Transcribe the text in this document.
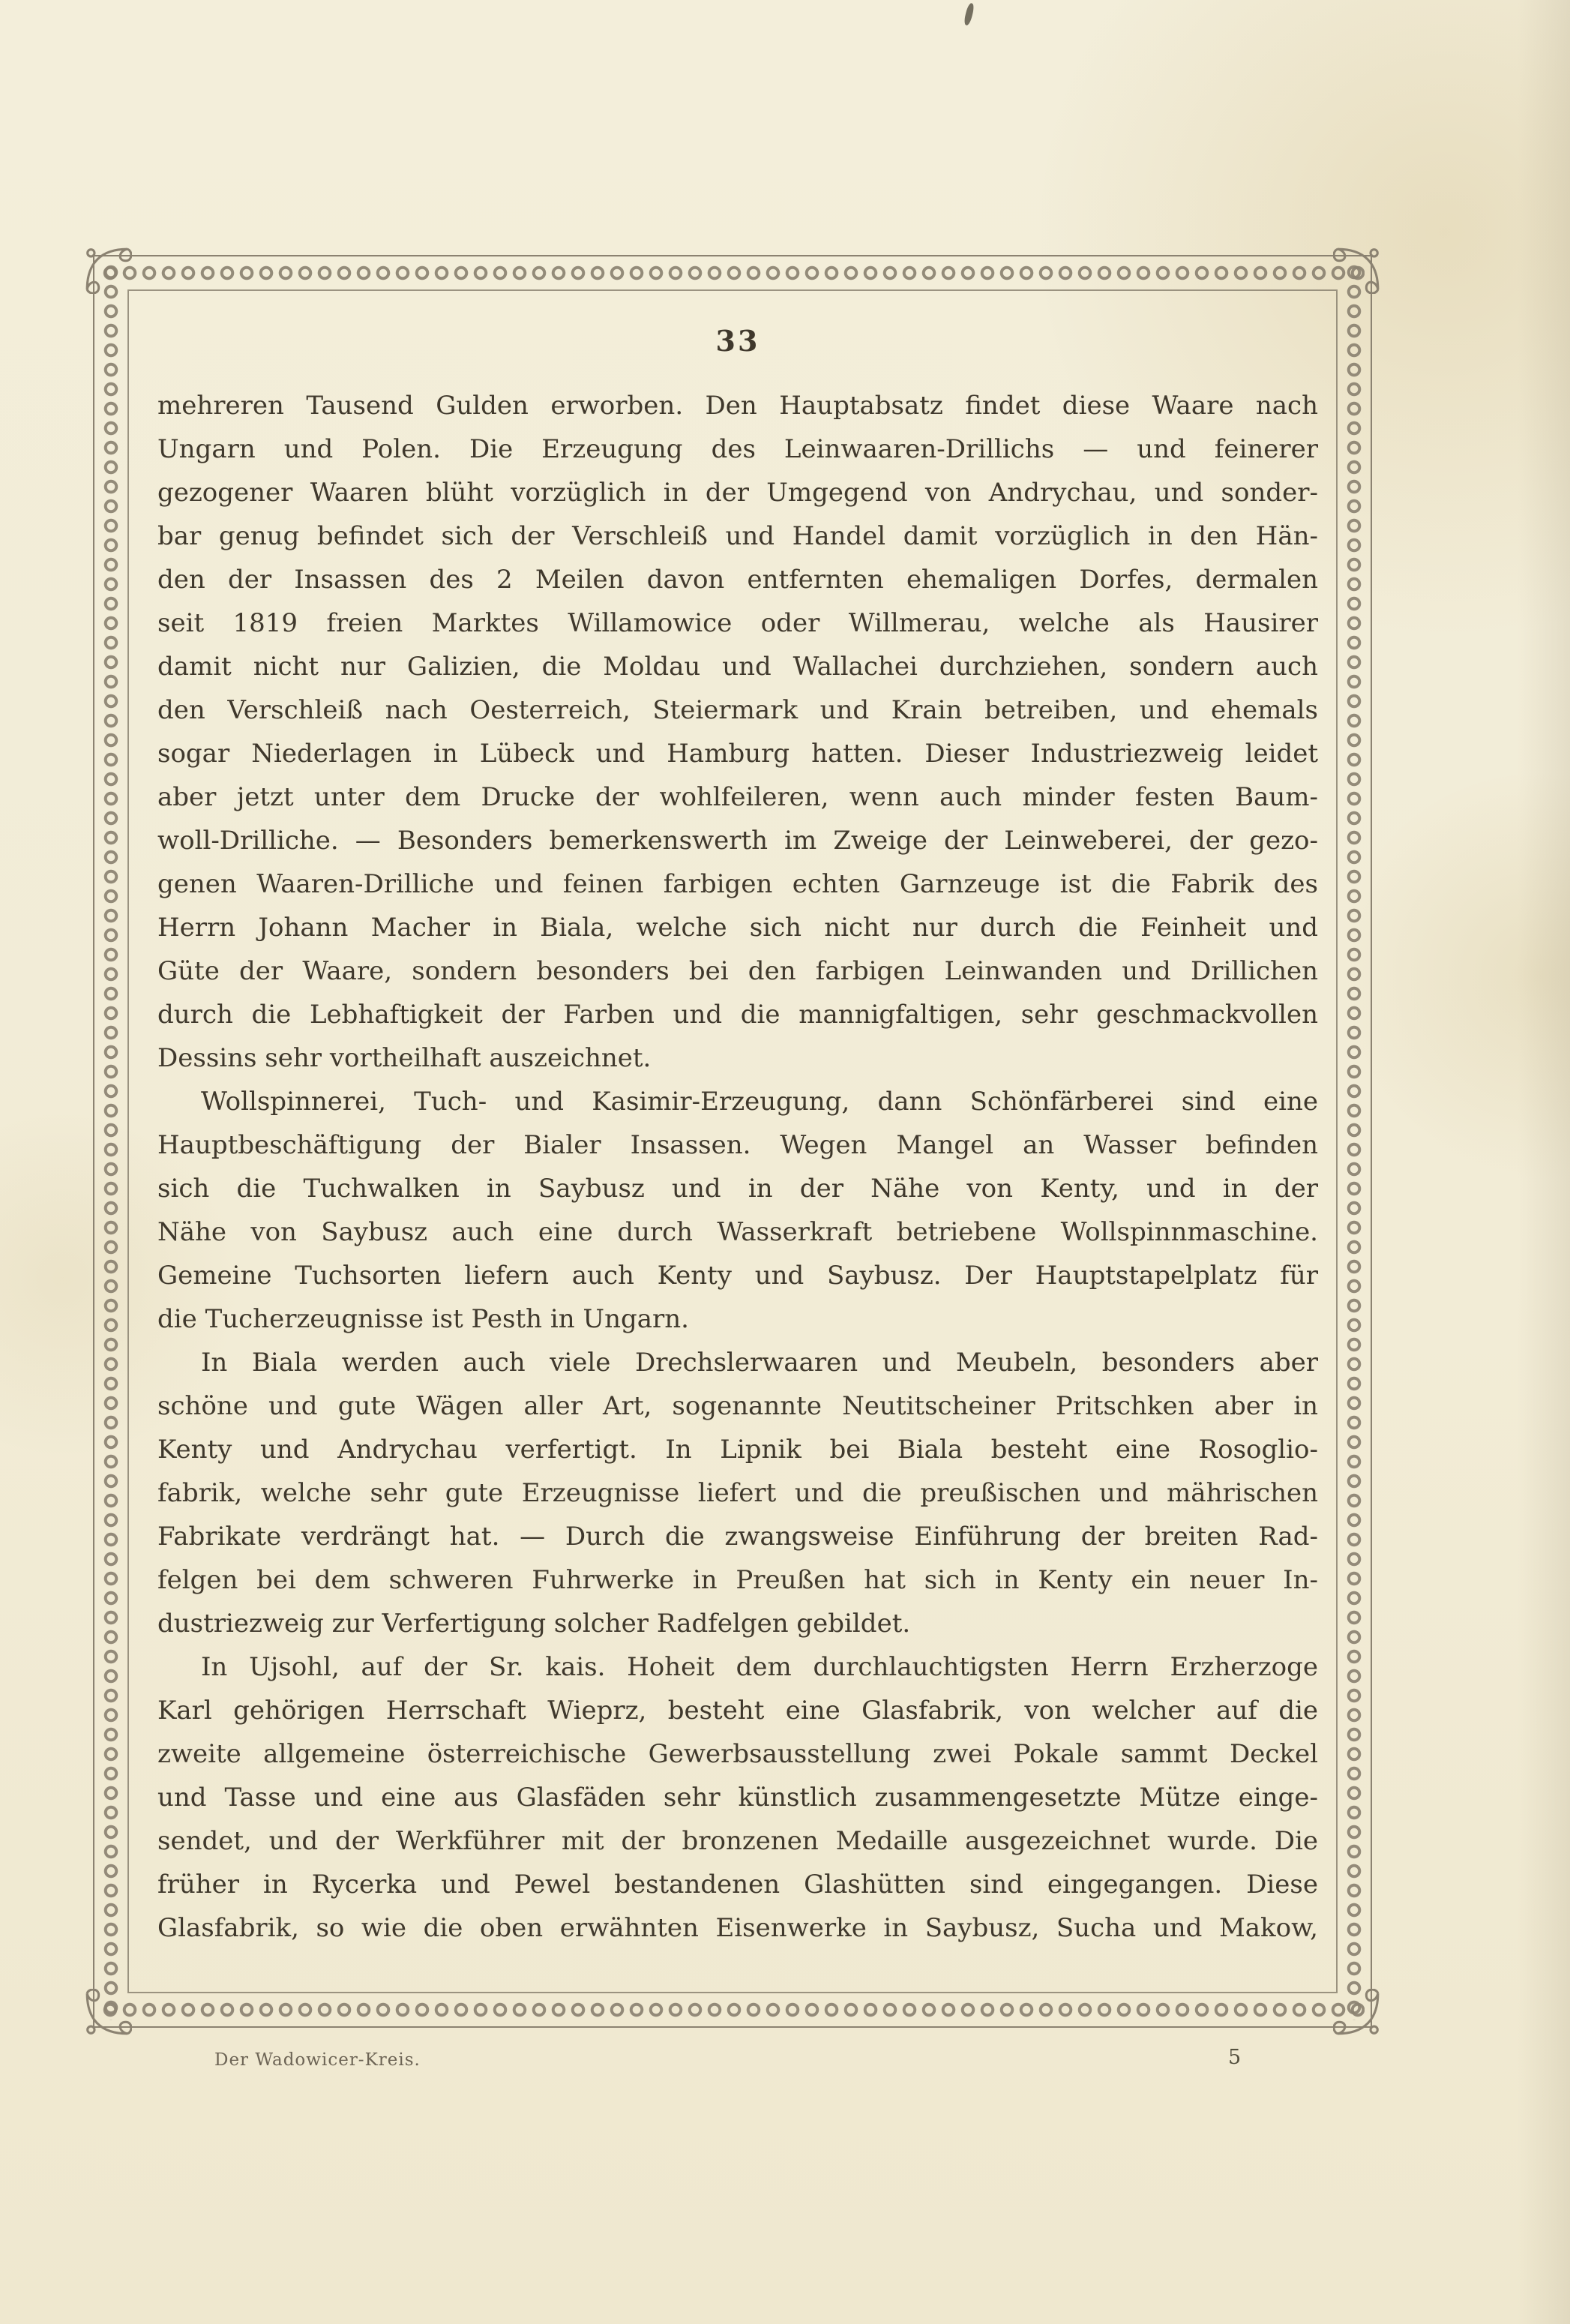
33
mehreren Tausend Gulden erworben. Den Hauptabsatz findet diese Waare nach
Ungarn und Polen. Die Erzeugung des Leinwaaren-Drillichs — und feinerer
gezogener Waaren blüht vorzüglich in der Umgegend von Andrychau, und sonder-
bar genug befindet sich der Verschleiß und Handel damit vorzüglich in den Hän-
den der Insassen des 2 Meilen davon entfernten ehemaligen Dorfes, dermalen
seit 1819 freien Marktes Willamowice oder Willmerau, welche als Hausirer
damit nicht nur Galizien, die Moldau und Wallachei durchziehen, sondern auch
den Verschleiß nach Oesterreich, Steiermark und Krain betreiben, und ehemals
sogar Niederlagen in Lübeck und Hamburg hatten. Dieser Industriezweig leidet
aber jetzt unter dem Drucke der wohlfeileren, wenn auch minder festen Baum-
woll-Drilliche. — Besonders bemerkenswerth im Zweige der Leinweberei, der gezo-
genen Waaren-Drilliche und feinen farbigen echten Garnzeuge ist die Fabrik des
Herrn Johann Macher in Biala, welche sich nicht nur durch die Feinheit und
Güte der Waare, sondern besonders bei den farbigen Leinwanden und Drillichen
durch die Lebhaftigkeit der Farben und die mannigfaltigen, sehr geschmackvollen
Dessins sehr vortheilhaft auszeichnet.
Wollspinnerei, Tuch- und Kasimir-Erzeugung, dann Schönfärberei sind eine
Hauptbeschäftigung der Bialer Insassen. Wegen Mangel an Wasser befinden
sich die Tuchwalken in Saybusz und in der Nähe von Kenty, und in der
Nähe von Saybusz auch eine durch Wasserkraft betriebene Wollspinnmaschine.
Gemeine Tuchsorten liefern auch Kenty und Saybusz. Der Hauptstapelplatz für
die Tucherzeugnisse ist Pesth in Ungarn.
In Biala werden auch viele Drechslerwaaren und Meubeln, besonders aber
schöne und gute Wägen aller Art, sogenannte Neutitscheiner Pritschken aber in
Kenty und Andrychau verfertigt. In Lipnik bei Biala besteht eine Rosoglio-
fabrik, welche sehr gute Erzeugnisse liefert und die preußischen und mährischen
Fabrikate verdrängt hat. — Durch die zwangsweise Einführung der breiten Rad-
felgen bei dem schweren Fuhrwerke in Preußen hat sich in Kenty ein neuer In-
dustriezweig zur Verfertigung solcher Radfelgen gebildet.
In Ujsohl, auf der Sr. kais. Hoheit dem durchlauchtigsten Herrn Erzherzoge
Karl gehörigen Herrschaft Wieprz, besteht eine Glasfabrik, von welcher auf die
zweite allgemeine österreichische Gewerbsausstellung zwei Pokale sammt Deckel
und Tasse und eine aus Glasfäden sehr künstlich zusammengesetzte Mütze einge-
sendet, und der Werkführer mit der bronzenen Medaille ausgezeichnet wurde. Die
früher in Rycerka und Pewel bestandenen Glashütten sind eingegangen. Diese
Glasfabrik, so wie die oben erwähnten Eisenwerke in Saybusz, Sucha und Makow,
Der Wadowicer-Kreis.	5
